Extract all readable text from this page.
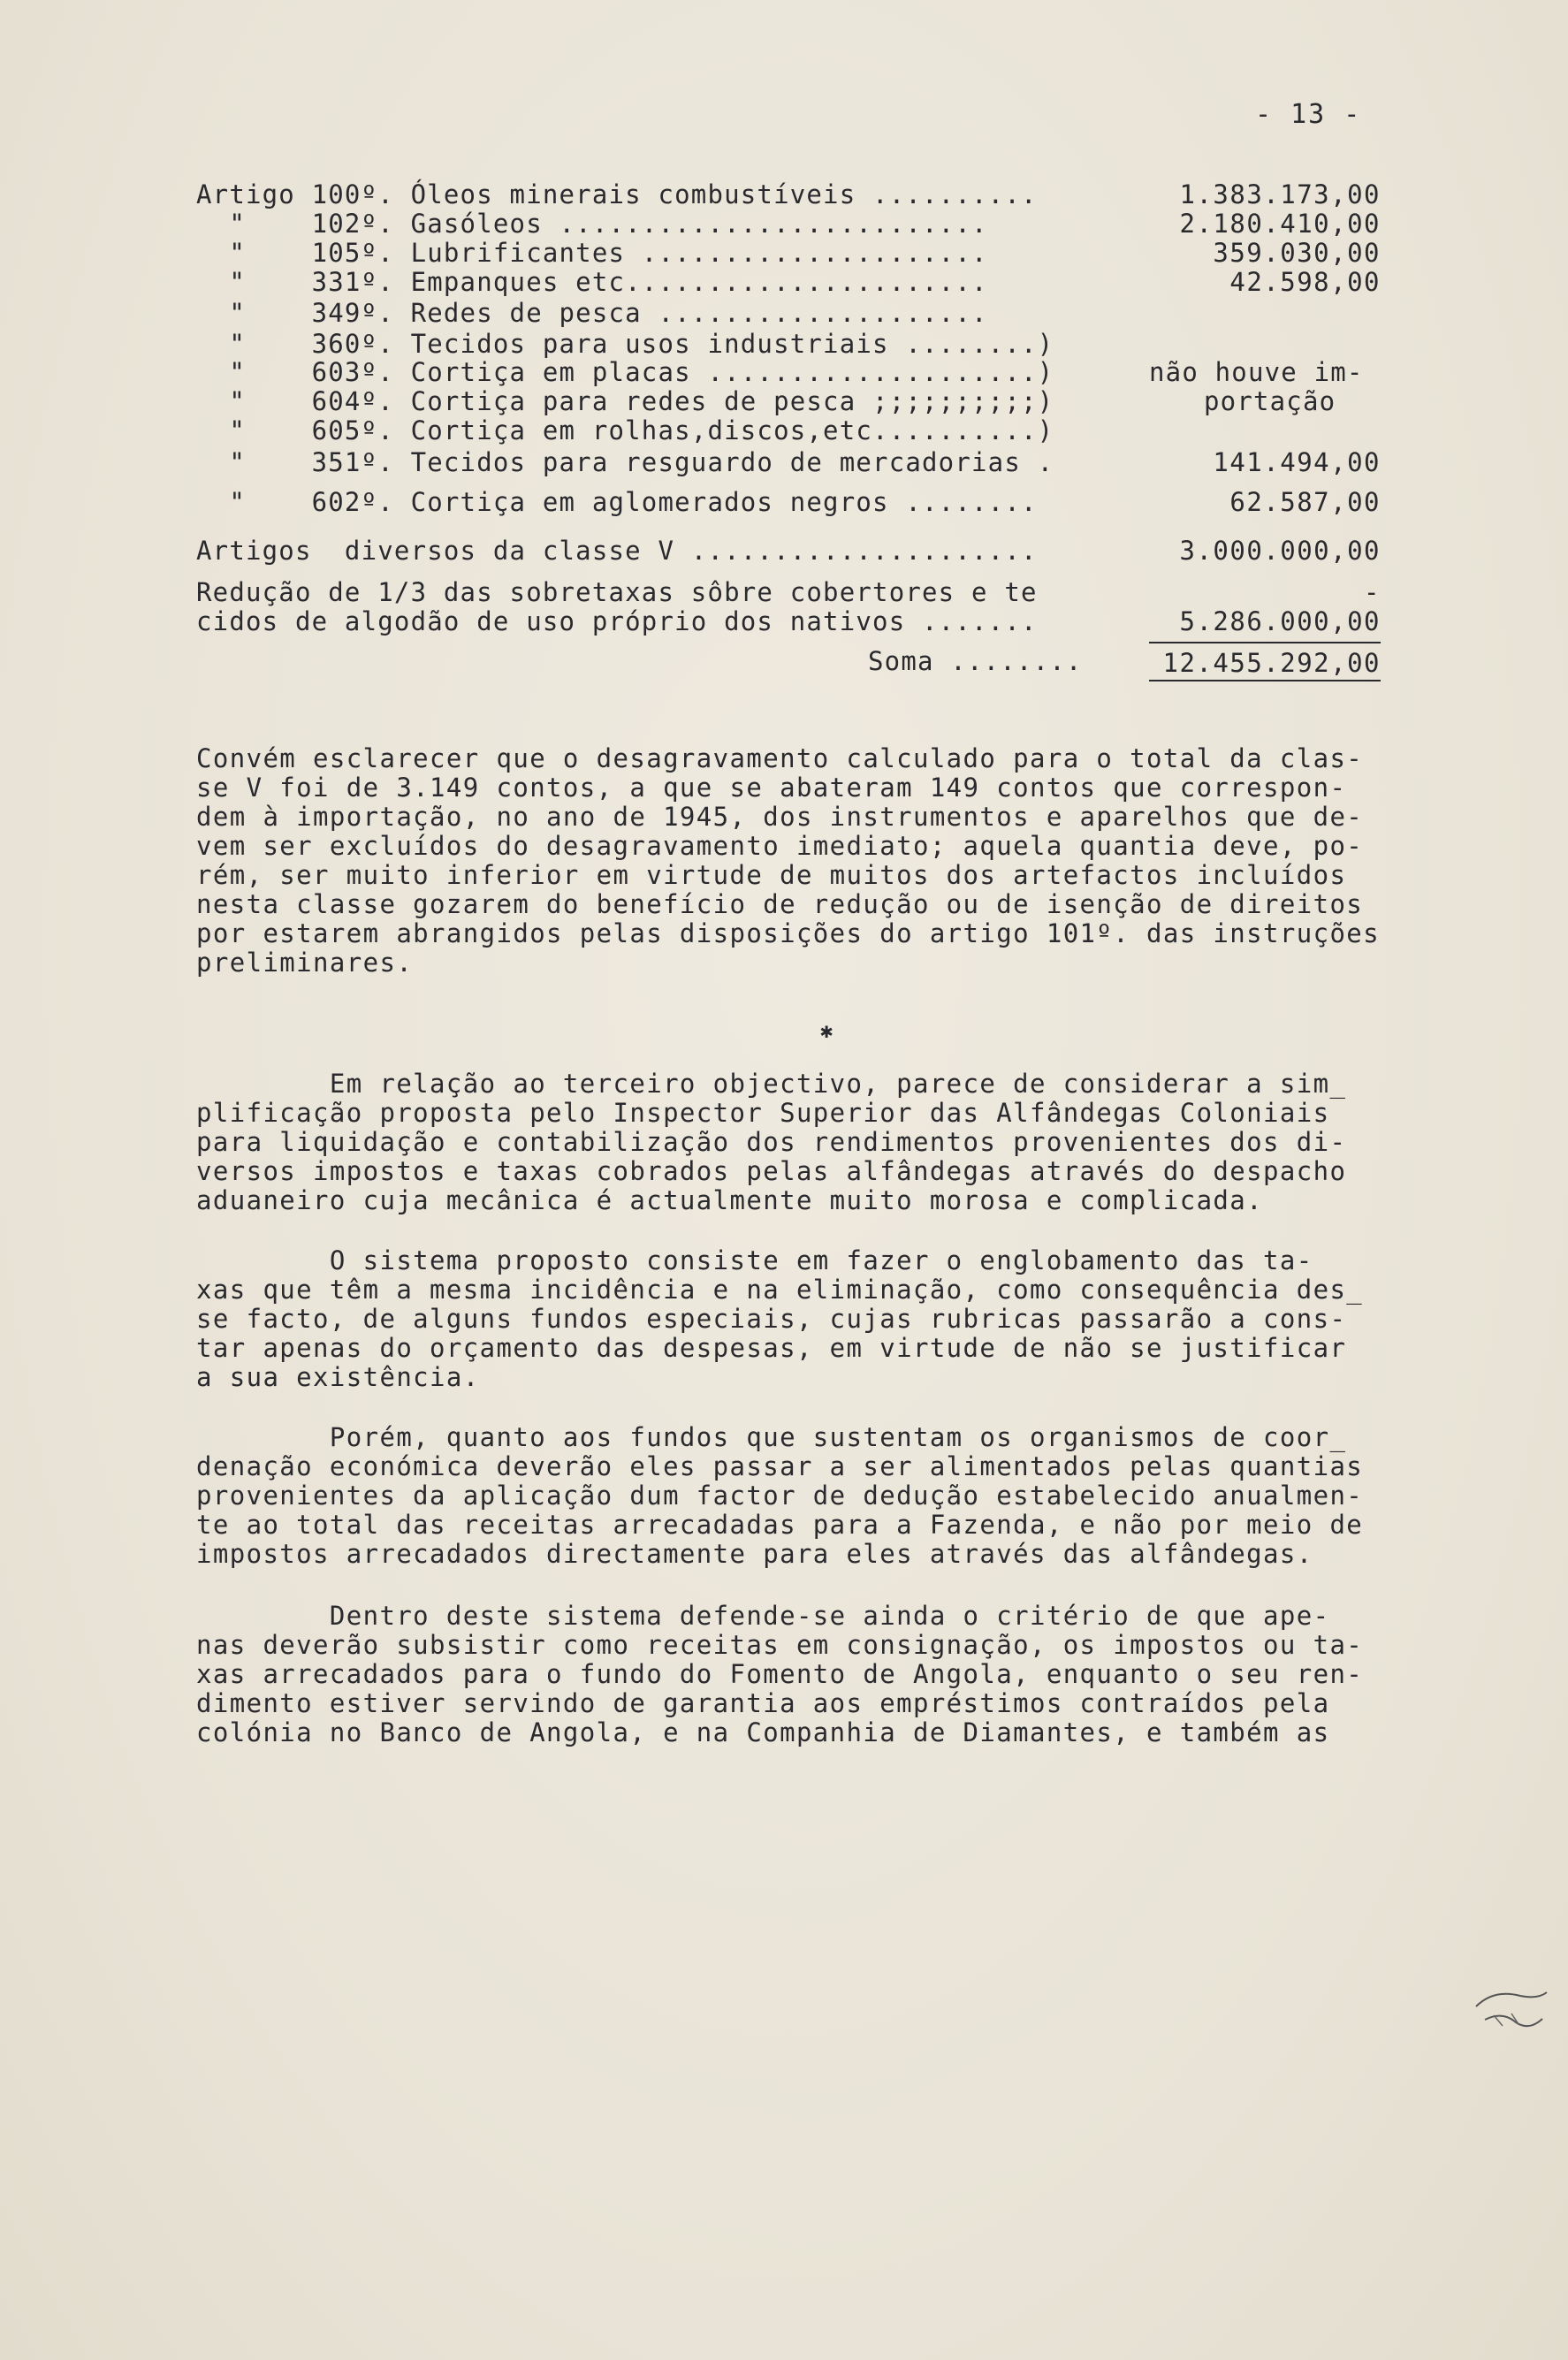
- 13 -
Artigo 100º. Óleos minerais combustíveis ..........	1.383.173,00
"    102º. Gasóleos ..........................	2.180.410,00
"    105º. Lubrificantes .....................	359.030,00
"    331º. Empanques etc......................	42.598,00
"    349º. Redes de pesca ....................
"    360º. Tecidos para usos industriais ........)
"    603º. Cortiça em placas ....................)	não houve im-
"    604º. Cortiça para redes de pesca ;;;;;;;;;;)	portação
"    605º. Cortiça em rolhas,discos,etc..........)
"    351º. Tecidos para resguardo de mercadorias .	141.494,00
"    602º. Cortiça em aglomerados negros ........	62.587,00
Artigos  diversos da classe V .....................	3.000.000,00
Redução de 1/3 das sobretaxas sôbre cobertores e te	-
cidos de algodão de uso próprio dos nativos .......	5.286.000,00
Soma ........	12.455.292,00
Convém esclarecer que o desagravamento calculado para o total da clas-
se V foi de 3.149 contos, a que se abateram 149 contos que correspon-
dem à importação, no ano de 1945, dos instrumentos e aparelhos que de-
vem ser excluídos do desagravamento imediato; aquela quantia deve, po-
rém, ser muito inferior em virtude de muitos dos artefactos incluídos
nesta classe gozarem do benefício de redução ou de isenção de direitos
por estarem abrangidos pelas disposições do artigo 101º. das instruções
preliminares.
✱
Em relação ao terceiro objectivo, parece de considerar a sim_
plificação proposta pelo Inspector Superior das Alfândegas Coloniais
para liquidação e contabilização dos rendimentos provenientes dos di-
versos impostos e taxas cobrados pelas alfândegas através do despacho
aduaneiro cuja mecânica é actualmente muito morosa e complicada.
O sistema proposto consiste em fazer o englobamento das ta-
xas que têm a mesma incidência e na eliminação, como consequência des_
se facto, de alguns fundos especiais, cujas rubricas passarão a cons-
tar apenas do orçamento das despesas, em virtude de não se justificar
a sua existência.
Porém, quanto aos fundos que sustentam os organismos de coor_
denação económica deverão eles passar a ser alimentados pelas quantias
provenientes da aplicação dum factor de dedução estabelecido anualmen-
te ao total das receitas arrecadadas para a Fazenda, e não por meio de
impostos arrecadados directamente para eles através das alfândegas.
Dentro deste sistema defende-se ainda o critério de que ape-
nas deverão subsistir como receitas em consignação, os impostos ou ta-
xas arrecadados para o fundo do Fomento de Angola, enquanto o seu ren-
dimento estiver servindo de garantia aos empréstimos contraídos pela
colónia no Banco de Angola, e na Companhia de Diamantes, e também as
